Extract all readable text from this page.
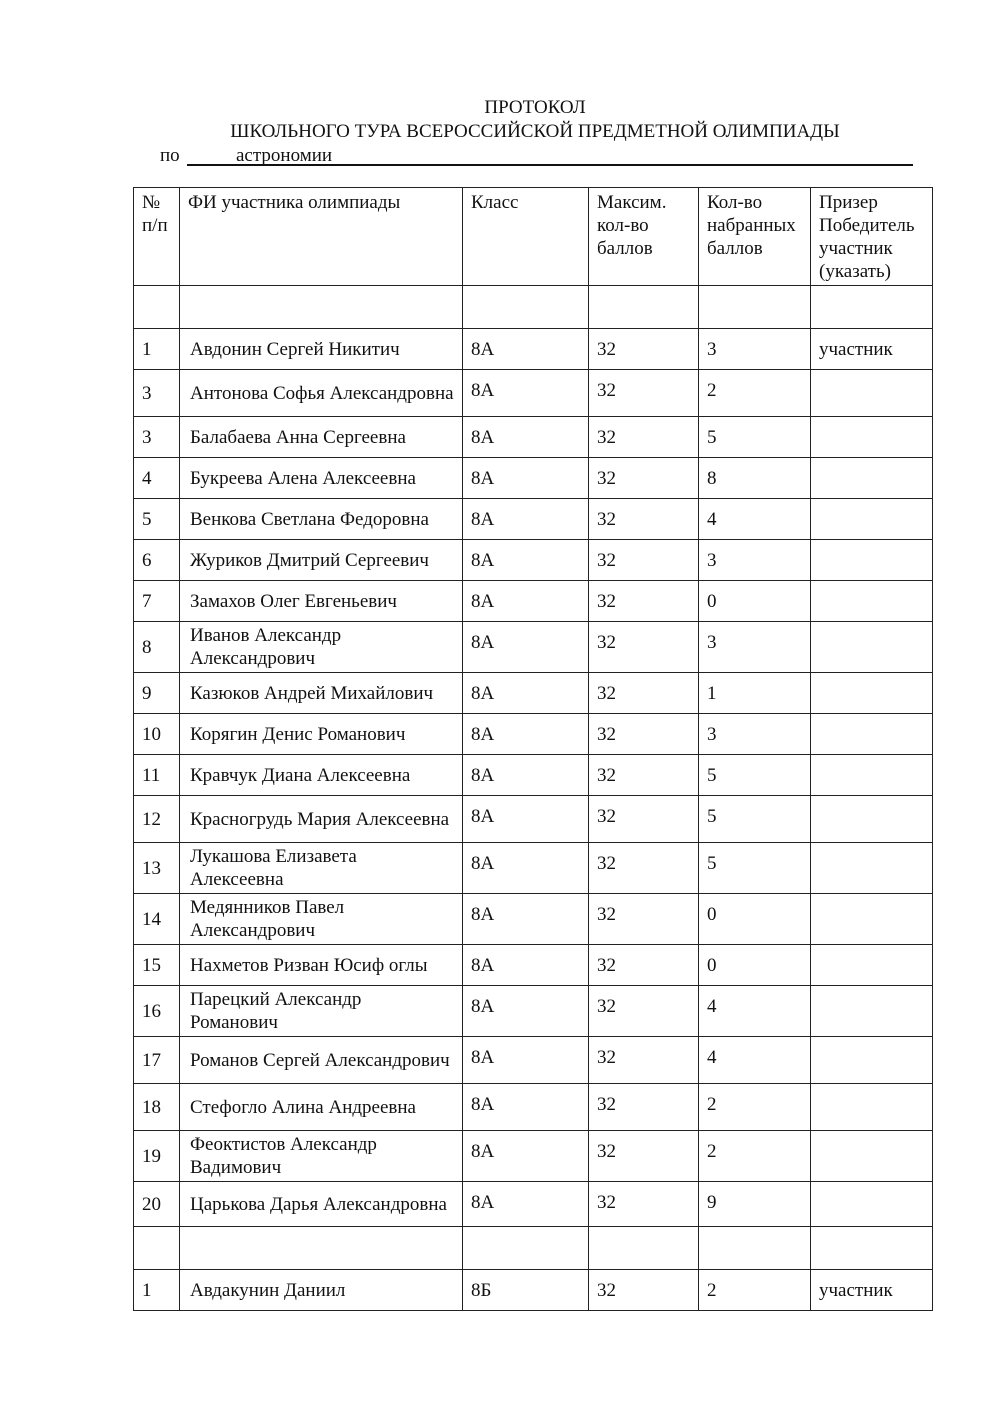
ПРОТОКОЛ
ШКОЛЬНОГО ТУРА ВСЕРОССИЙСКОЙ ПРЕДМЕТНОЙ ОЛИМПИАДЫ
по	астрономии
№ п/п	ФИ участника олимпиады	Класс	Максим. кол-во баллов	Кол-во набранных баллов	Призер Победитель участник (указать)

1	Авдонин Сергей Никитич	8А	32	3	участник
3	Антонова Софья Александровна	8А	32	2	
3	Балабаева Анна Сергеевна	8А	32	5	
4	Букреева Алена Алексеевна	8А	32	8	
5	Венкова Светлана Федоровна	8А	32	4	
6	Журиков Дмитрий Сергеевич	8А	32	3	
7	Замахов Олег Евгеньевич	8А	32	0	
8	Иванов Александр Александрович	8А	32	3	
9	Казюков Андрей Михайлович	8А	32	1	
10	Корягин Денис Романович	8А	32	3	
11	Кравчук Диана Алексеевна	8А	32	5	
12	Красногрудь Мария Алексеевна	8А	32	5	
13	Лукашова Елизавета Алексеевна	8А	32	5	
14	Медянников Павел Александрович	8А	32	0	
15	Нахметов Ризван Юсиф оглы	8А	32	0	
16	Парецкий Александр Романович	8А	32	4	
17	Романов Сергей Александрович	8А	32	4	
18	Стефогло Алина Андреевна	8А	32	2	
19	Феоктистов Александр Вадимович	8А	32	2	
20	Царькова Дарья Александровна	8А	32	9	

1	Авдакунин Даниил	8Б	32	2	участник
